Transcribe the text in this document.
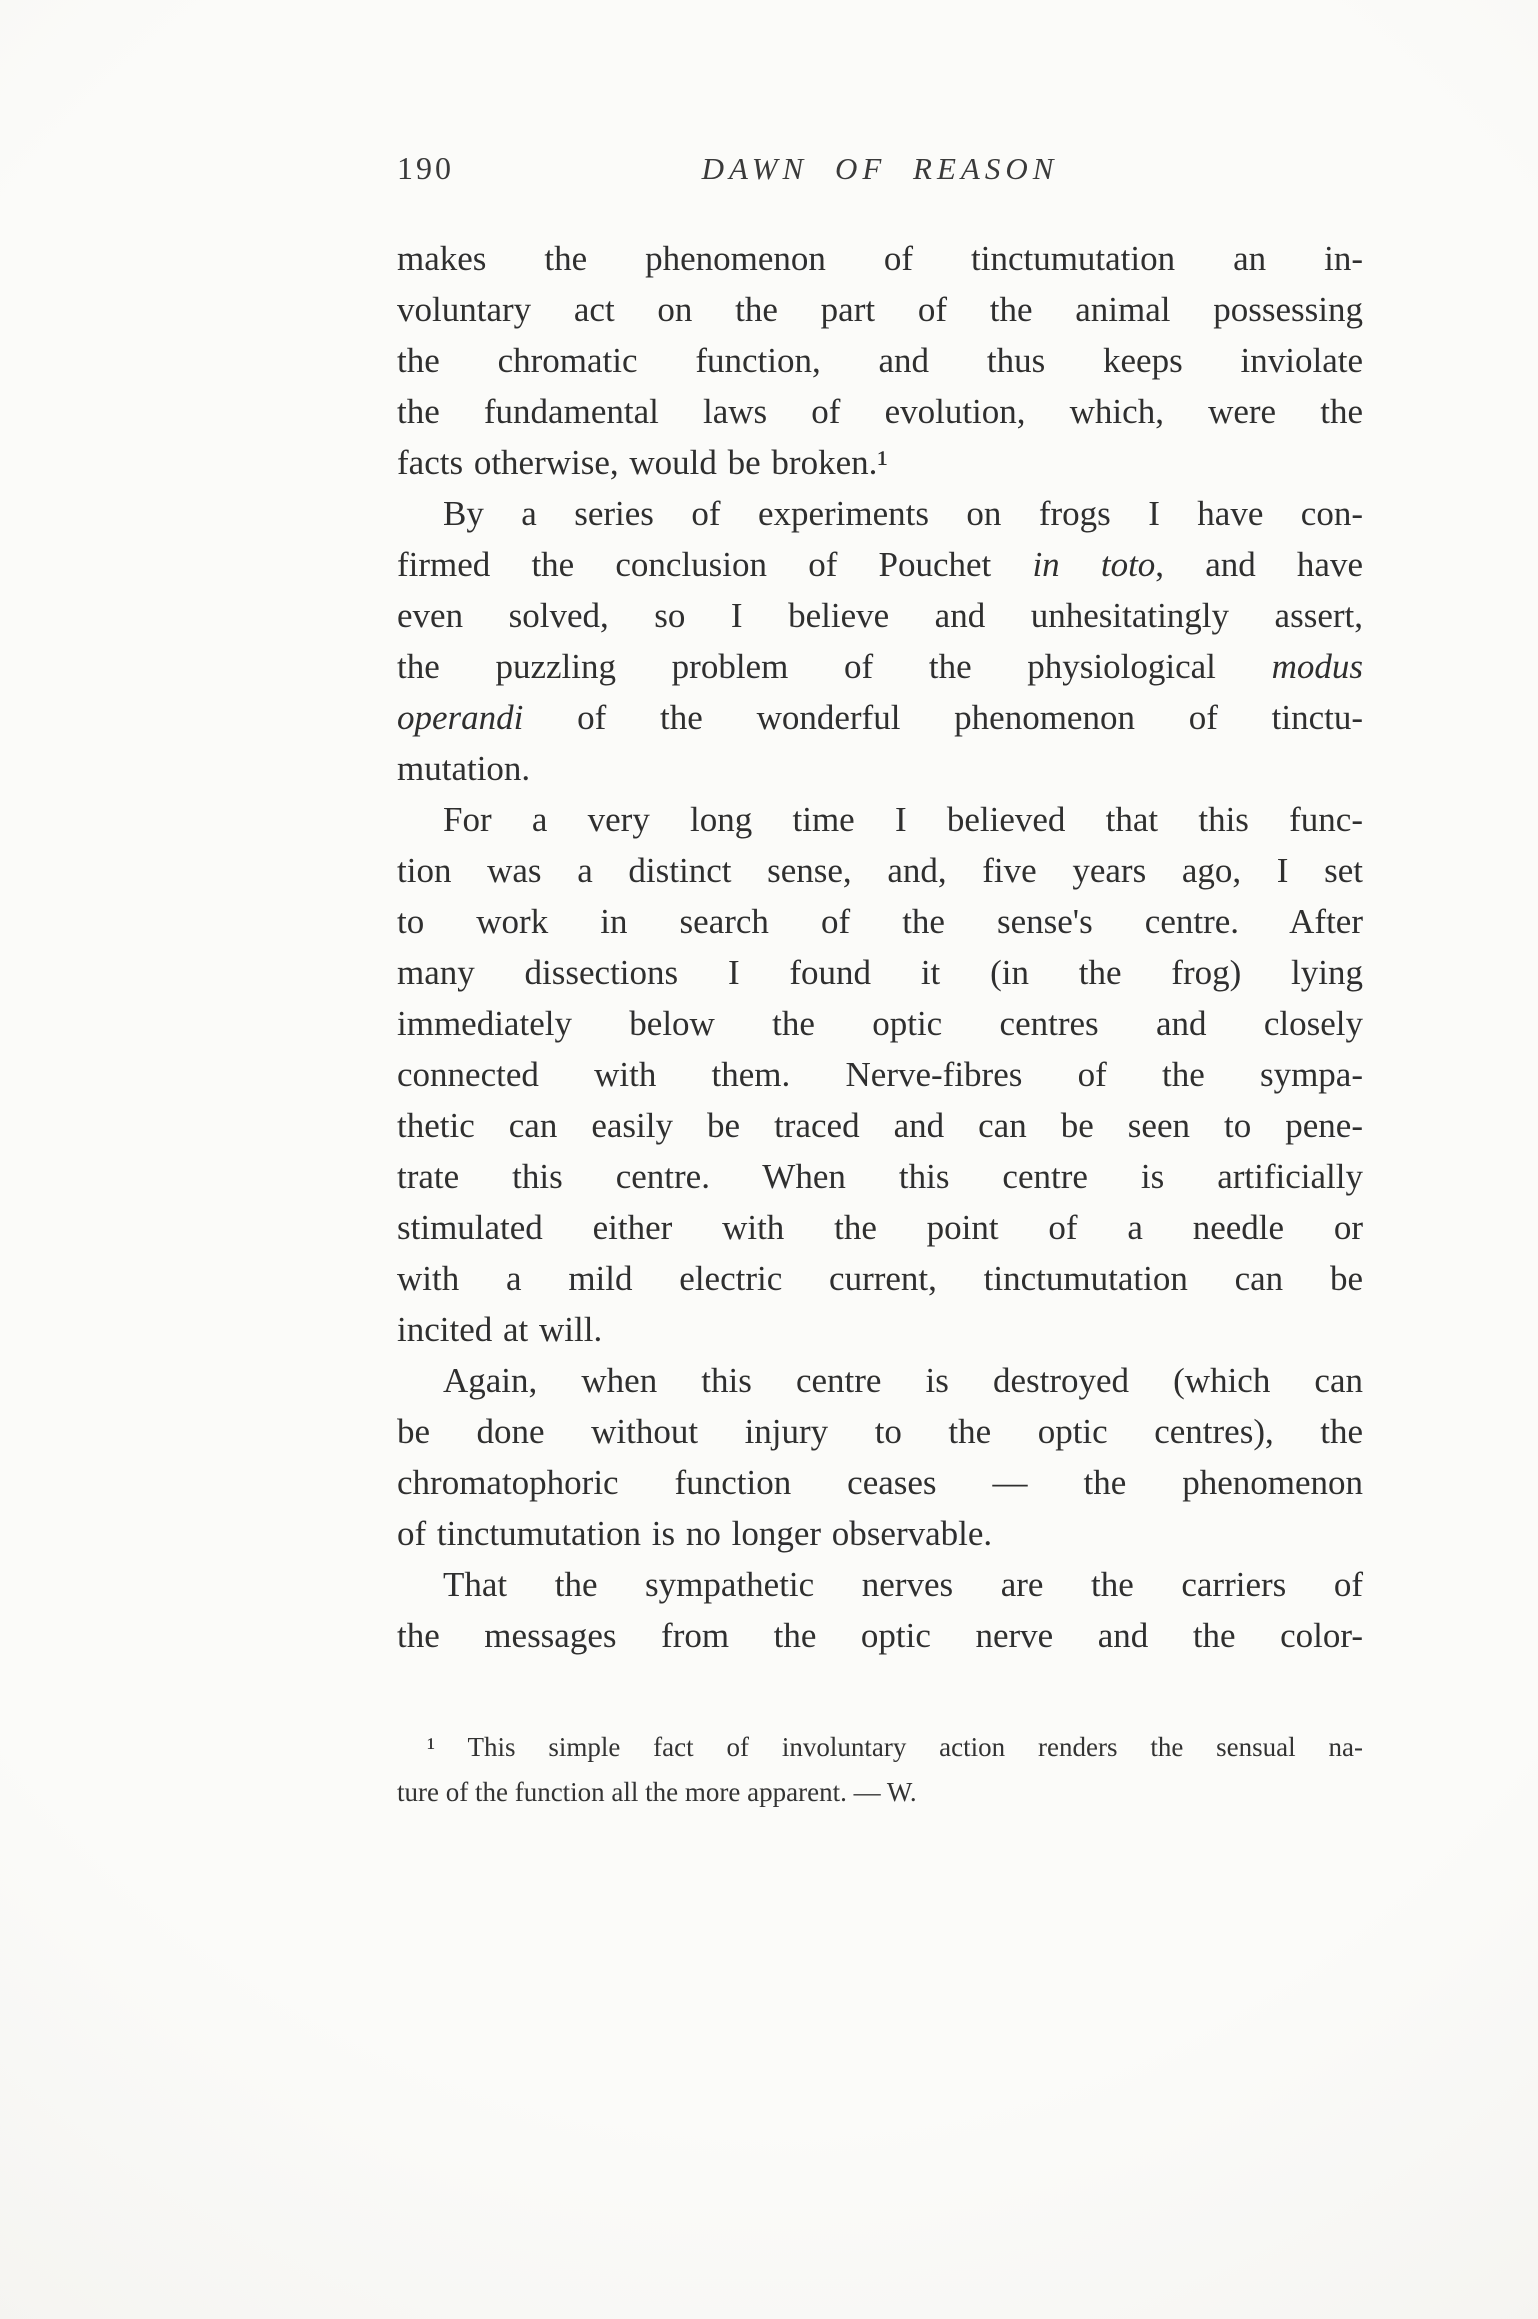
190	DAWN OF REASON
makes the phenomenon of tinctumutation an in-
voluntary act on the part of the animal possessing
the chromatic function, and thus keeps inviolate
the fundamental laws of evolution, which, were the
facts otherwise, would be broken.¹
By a series of experiments on frogs I have con-
firmed the conclusion of Pouchet in toto, and have
even solved, so I believe and unhesitatingly assert,
the puzzling problem of the physiological modus
operandi of the wonderful phenomenon of tinctu-
mutation.
For a very long time I believed that this func-
tion was a distinct sense, and, five years ago, I set
to work in search of the sense's centre. After
many dissections I found it (in the frog) lying
immediately below the optic centres and closely
connected with them. Nerve-fibres of the sympa-
thetic can easily be traced and can be seen to pene-
trate this centre. When this centre is artificially
stimulated either with the point of a needle or
with a mild electric current, tinctumutation can be
incited at will.
Again, when this centre is destroyed (which can
be done without injury to the optic centres), the
chromatophoric function ceases — the phenomenon
of tinctumutation is no longer observable.
That the sympathetic nerves are the carriers of
the messages from the optic nerve and the color-
¹ This simple fact of involuntary action renders the sensual na-
ture of the function all the more apparent. — W.
